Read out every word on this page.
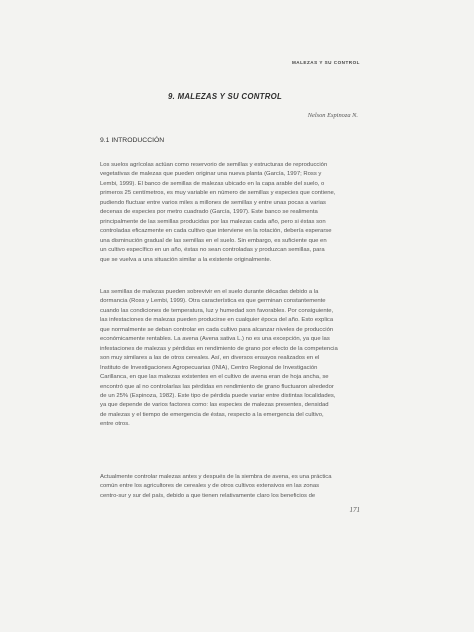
MALEZAS Y SU CONTROL
9. MALEZAS Y SU CONTROL
Nelson Espinoza N.
9.1 INTRODUCCIÓN
Los suelos agrícolas actúan como reservorio de semillas y estructuras de reproducción
vegetativas de malezas que pueden originar una nueva planta (García, 1997; Ross y
Lembi, 1999). El banco de semillas de malezas ubicado en la capa arable del suelo, o
primeros 25 centímetros, es muy variable en número de semillas y especies que contiene,
pudiendo fluctuar entre varios miles a millones de semillas y entre unas pocas a varias
decenas de especies por metro cuadrado (García, 1997). Este banco se realimenta
principalmente de las semillas producidas por las malezas cada año, pero si éstas son
controladas eficazmente en cada cultivo que interviene en la rotación, debería esperarse
una disminución gradual de las semillas en el suelo. Sin embargo, es suficiente que en
un cultivo específico en un año, éstas no sean controladas y produzcan semillas, para
que se vuelva a una situación similar a la existente originalmente.
Las semillas de malezas pueden sobrevivir en el suelo durante décadas debido a la
dormancia (Ross y Lembi, 1999). Otra característica es que germinan constantemente
cuando las condiciones de temperatura, luz y humedad son favorables. Por consiguiente,
las infestaciones de malezas pueden producirse en cualquier época del año. Esto explica
que normalmente se deban controlar en cada cultivo para alcanzar niveles de producción
económicamente rentables. La avena (Avena sativa L.) no es una excepción, ya que las
infestaciones de malezas y pérdidas en rendimiento de grano por efecto de la competencia
son muy similares a las de otros cereales. Así, en diversos ensayos realizados en el
Instituto de Investigaciones Agropecuarias (INIA), Centro Regional de Investigación
Carillanca, en que las malezas existentes en el cultivo de avena eran de hoja ancha, se
encontró que al no controlarlas las pérdidas en rendimiento de grano fluctuaron alrededor
de un 25% (Espinoza, 1982). Este tipo de pérdida puede variar entre distintas localidades,
ya que depende de varios factores como: las especies de malezas presentes, densidad
de malezas y el tiempo de emergencia de éstas, respecto a la emergencia del cultivo,
entre otros.
Actualmente controlar malezas antes y después de la siembra de avena, es una práctica
común entre los agricultores de cereales y de otros cultivos extensivos en las zonas
centro-sur y sur del país, debido a que tienen relativamente claro los beneficios de
171
